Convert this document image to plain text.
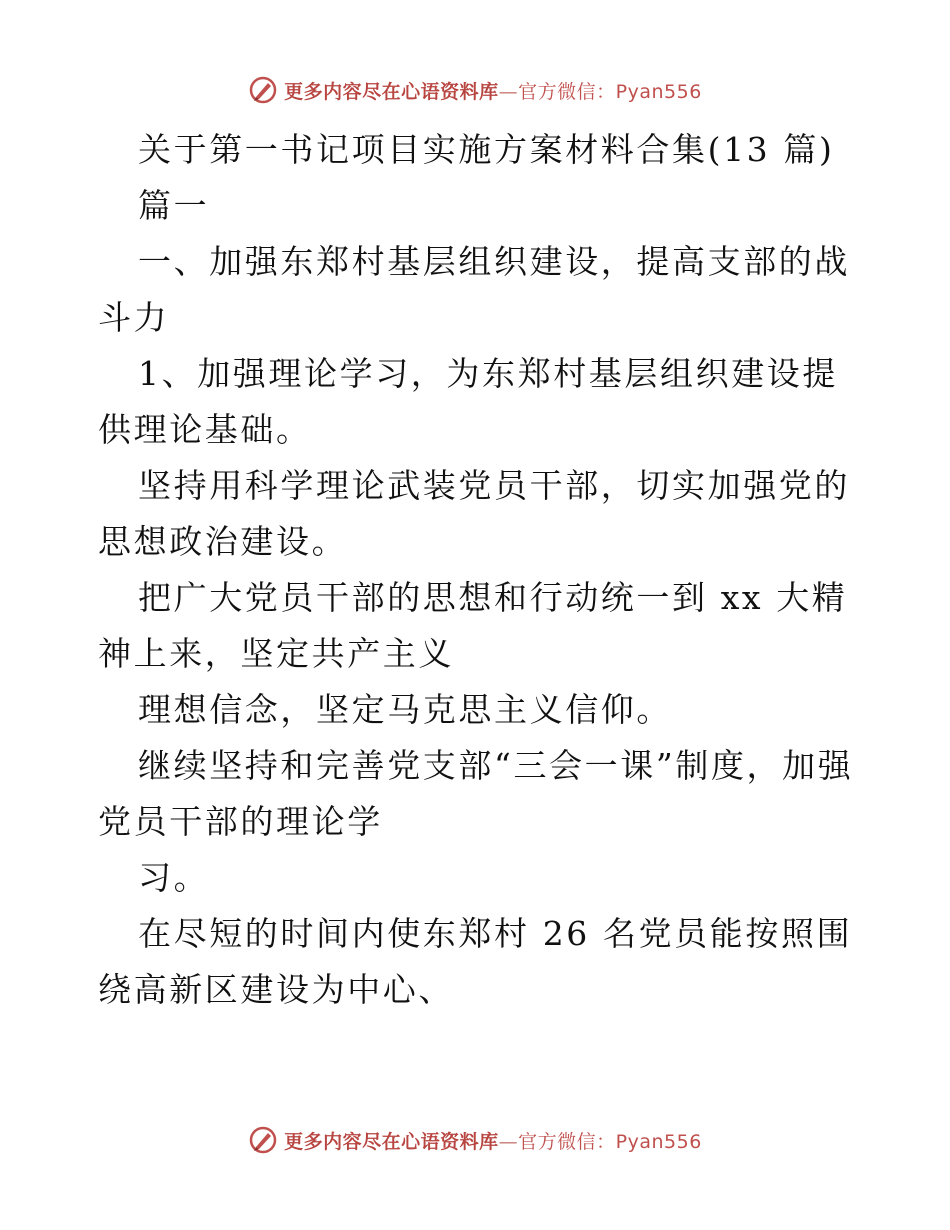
更多内容尽在心语资料库—官方微信：Pyan556

关于第一书记项目实施方案材料合集(13 篇)

篇一

一、加强东郑村基层组织建设，提高支部的战斗力

1、加强理论学习，为东郑村基层组织建设提供理论基础。

坚持用科学理论武装党员干部，切实加强党的思想政治建设。

把广大党员干部的思想和行动统一到 xx 大精神上来，坚定共产主义

理想信念，坚定马克思主义信仰。

继续坚持和完善党支部“三会一课”制度，加强党员干部的理论学

习。

在尽短的时间内使东郑村 26 名党员能按照围绕高新区建设为中心、

更多内容尽在心语资料库—官方微信：Pyan556
